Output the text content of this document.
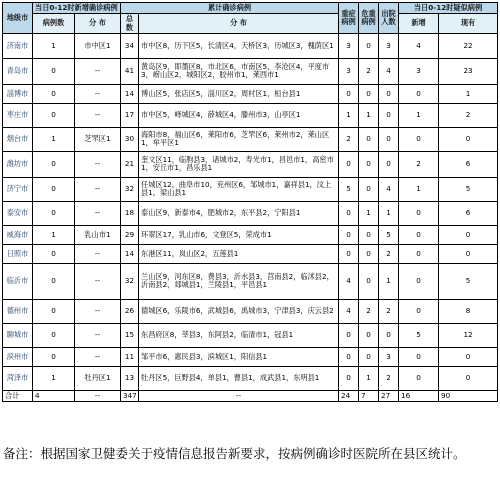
地级市	当日0-12时新增确诊病例		累计确诊病例		重症病例	危重病例	出院人数	当日0-12时疑似病例	
	病例数	分 布	总数	分 布				新增	现有
济南市	1	市中区1	34	市中区8，历下区5，长清区4，天桥区3，历城区3，槐荫区1	3	0	3	4	22
青岛市	0	--	41	黄岛区9，即墨区8，市北区6，市南区5，李沧区4，平度市3，崂山区2，城阳区2，胶州市1，莱西市1	3	2	4	3	23
淄博市	0	--	14	博山区5，张店区5，淄川区2，周村区1，桓台县1	0	0	0	0	1
枣庄市	0	--	17	市中区5，峄城区4，薛城区4，滕州市3，山亭区1	1	1	0	1	2
烟台市	1	芝罘区1	30	海阳市8，福山区6，莱阳市6，芝罘区6，莱州市2，莱山区1，牟平区1	2	0	0	0	0
潍坊市	0	--	21	奎文区11，临朐县3，诸城市2，寿光市1，昌邑市1，高密市1，安丘市1，昌乐县1	0	0	0	2	6
济宁市	0	--	32	任城区12，曲阜市10，兖州区6，邹城市1，嘉祥县1，汶上县1，梁山县1	5	0	4	1	5
泰安市	0	--	18	泰山区9，新泰市4，肥城市2，东平县2，宁阳县1	0	1	1	0	6
威海市	1	乳山市1	29	环翠区17，乳山市6，文登区5，荣成市1	0	0	5	0	0
日照市	0	--	14	东港区11，岚山区2，五莲县1	0	0	2	0	0
临沂市	0	--	32	兰山区9，河东区8，费县3，沂水县3，莒南县2，临沭县2，沂南县2，郯城县1，兰陵县1，平邑县1	4	0	1	0	5
德州市	0	--	26	德城区6，乐陵市6，武城县6，禹城市3，宁津县3，庆云县2	4	2	2	0	8
聊城市	0	--	15	东昌府区8，莘县3，东阿县2，临清市1，冠县1	0	0	0	5	12
滨州市	0	--	11	邹平市6，惠民县3，滨城区1，阳信县1	0	0	3	0	0
菏泽市	1	牡丹区1	13	牡丹区5，巨野县4，单县1，曹县1，成武县1，东明县1	0	1	2	0	0
合计	4	--	347	--	24	7	27	16	90
备注：根据国家卫健委关于疫情信息报告新要求，按病例确诊时医院所在县区统计。
